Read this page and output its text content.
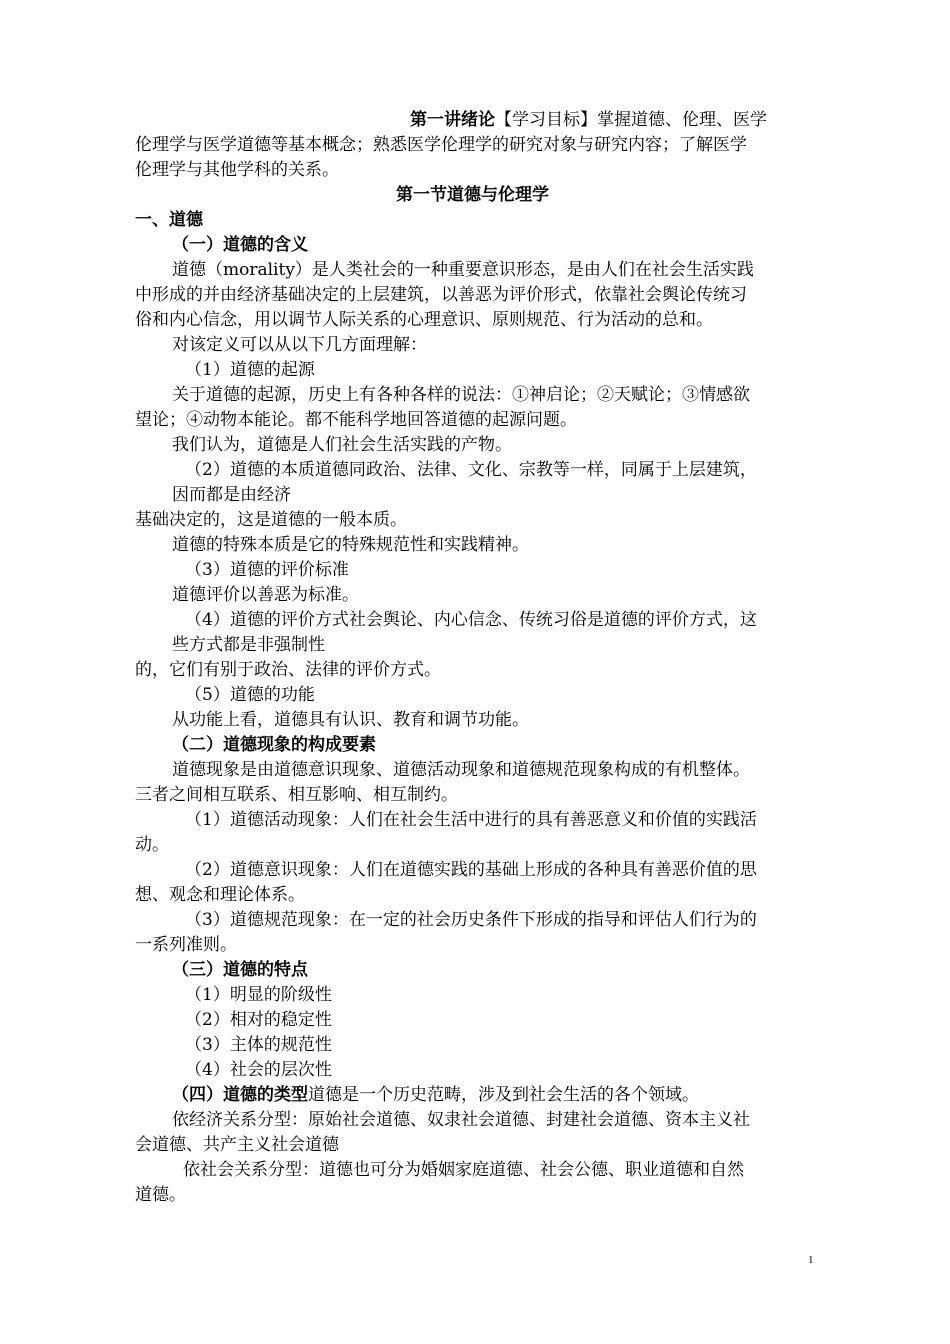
第一讲绪论【学习目标】掌握道德、伦理、医学
伦理学与医学道德等基本概念；熟悉医学伦理学的研究对象与研究内容；了解医学
伦理学与其他学科的关系。
第一节道德与伦理学
一、道德
（一）道德的含义
道德（morality）是人类社会的一种重要意识形态，是由人们在社会生活实践
中形成的并由经济基础决定的上层建筑，以善恶为评价形式，依靠社会舆论传统习
俗和内心信念，用以调节人际关系的心理意识、原则规范、行为活动的总和。
对该定义可以从以下几方面理解：
（1）道德的起源
关于道德的起源，历史上有各种各样的说法：①神启论；②天赋论；③情感欲
望论；④动物本能论。都不能科学地回答道德的起源问题。
我们认为，道德是人们社会生活实践的产物。
（2）道德的本质道德同政治、法律、文化、宗教等一样，同属于上层建筑，
因而都是由经济
基础决定的，这是道德的一般本质。
道德的特殊本质是它的特殊规范性和实践精神。
（3）道德的评价标准
道德评价以善恶为标准。
（4）道德的评价方式社会舆论、内心信念、传统习俗是道德的评价方式，这
些方式都是非强制性
的，它们有别于政治、法律的评价方式。
（5）道德的功能
从功能上看，道德具有认识、教育和调节功能。
（二）道德现象的构成要素
道德现象是由道德意识现象、道德活动现象和道德规范现象构成的有机整体。
三者之间相互联系、相互影响、相互制约。
（1）道德活动现象：人们在社会生活中进行的具有善恶意义和价值的实践活
动。
（2）道德意识现象：人们在道德实践的基础上形成的各种具有善恶价值的思
想、观念和理论体系。
（3）道德规范现象：在一定的社会历史条件下形成的指导和评估人们行为的
一系列准则。
（三）道德的特点
（1）明显的阶级性
（2）相对的稳定性
（3）主体的规范性
（4）社会的层次性
（四）道德的类型道德是一个历史范畴，涉及到社会生活的各个领域。
依经济关系分型：原始社会道德、奴隶社会道德、封建社会道德、资本主义社
会道德、共产主义社会道德
依社会关系分型：道德也可分为婚姻家庭道德、社会公德、职业道德和自然
道德。
1
